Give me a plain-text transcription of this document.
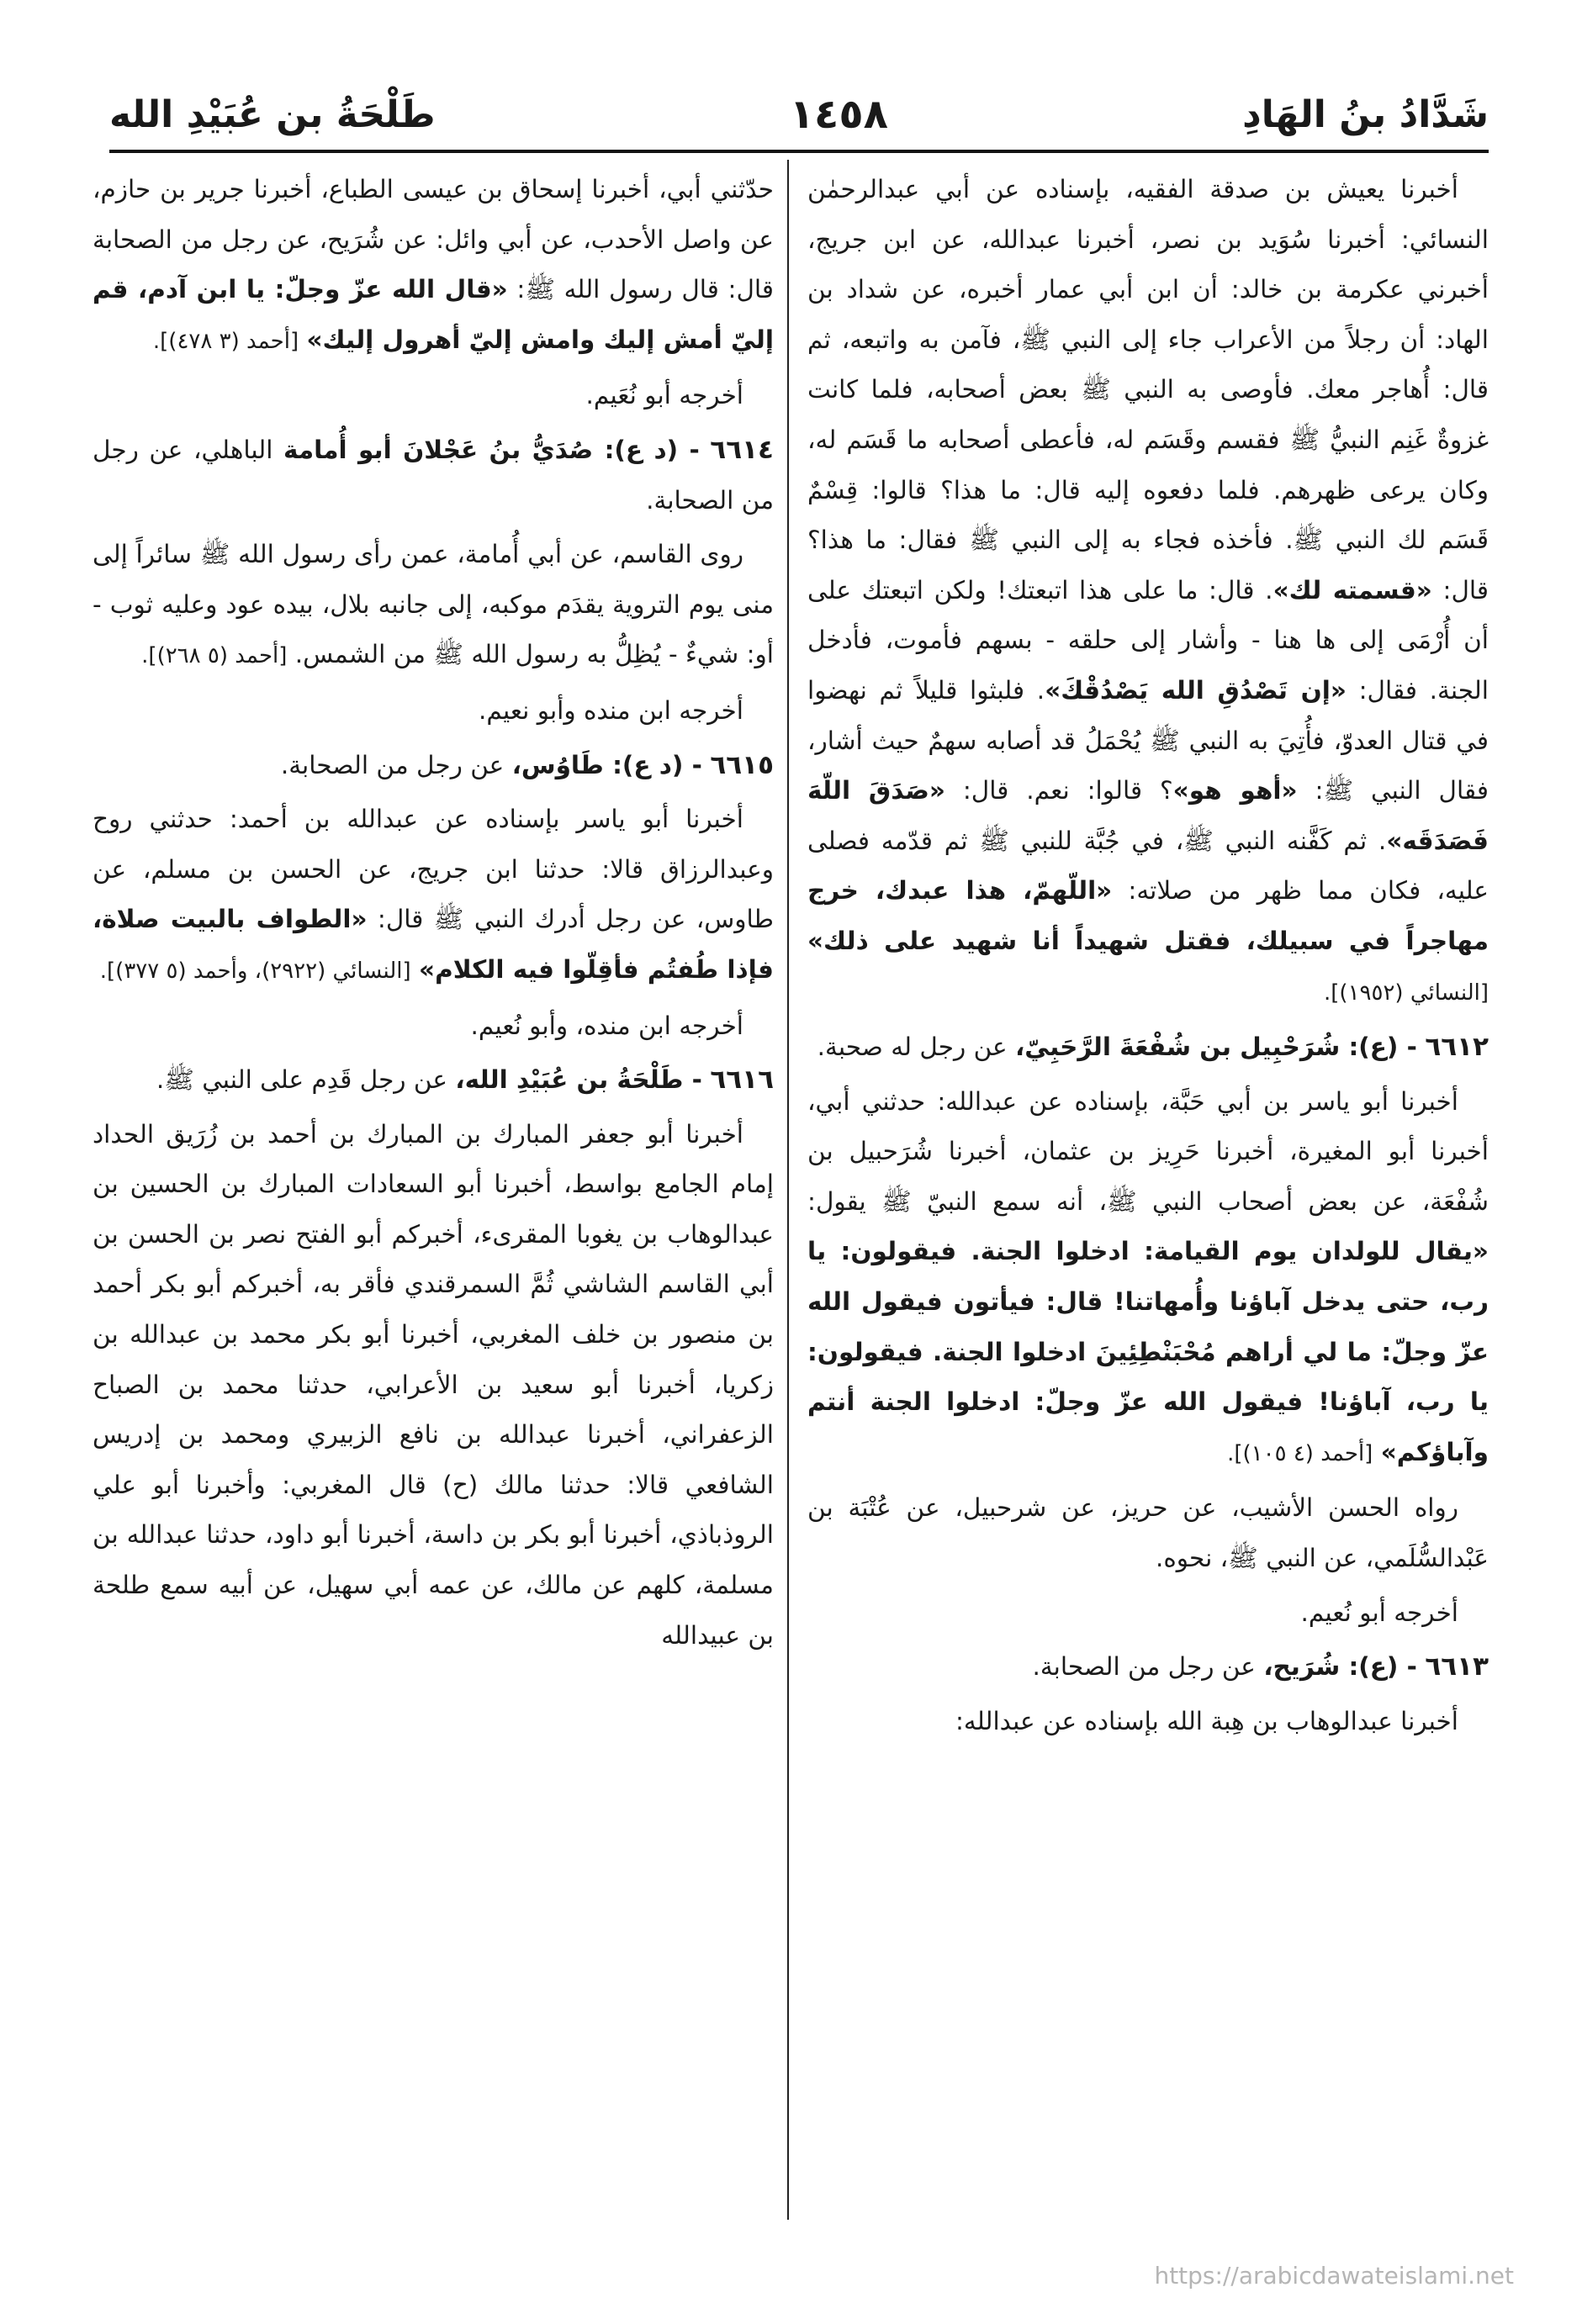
شَدَّادُ بنُ الهَادِ
١٤٥٨
طَلْحَةُ بن عُبَيْدِ الله

أخبرنا يعيش بن صدقة الفقيه، بإسناده عن أبي عبدالرحمٰن النسائي: أخبرنا سُوَيد بن نصر، أخبرنا عبدالله، عن ابن جريج، أخبرني عكرمة بن خالد: أن ابن أبي عمار أخبره، عن شداد بن الهاد: أن رجلاً من الأعراب جاء إلى النبي ﷺ، فآمن به واتبعه، ثم قال: أُهاجر معك. فأوصى به النبي ﷺ بعض أصحابه، فلما كانت غزوةٌ غَنِم النبيُّ ﷺ فقسم وقَسَم له، فأعطى أصحابه ما قَسَم له، وكان يرعى ظهرهم. فلما دفعوه إليه قال: ما هذا؟ قالوا: قِسْمٌ قَسَم لك النبي ﷺ. فأخذه فجاء به إلى النبي ﷺ فقال: ما هذا؟ قال: «قسمته لك». قال: ما على هذا اتبعتك! ولكن اتبعتك على أن أُرْمَى إلى ها هنا - وأشار إلى حلقه - بسهم فأموت، فأدخل الجنة. فقال: «إن تَصْدُقِ الله يَصْدُقْكَ». فلبثوا قليلاً ثم نهضوا في قتال العدوّ، فأُتِيَ به النبي ﷺ يُحْمَلُ قد أصابه سهمٌ حيث أشار، فقال النبي ﷺ: «أهو هو»؟ قالوا: نعم. قال: «صَدَقَ اللّهَ فَصَدَقَه». ثم كَفَّنه النبي ﷺ، في جُبَّة للنبي ﷺ ثم قدّمه فصلى عليه، فكان مما ظهر من صلاته: «اللّهمّ، هذا عبدك، خرج مهاجراً في سبيلك، فقتل شهيداً أنا شهيد على ذلك» [النسائي (١٩٥٢)].

٦٦١٢ - (ع): شُرَحْبِيل بن شُفْعَةَ الرَّحَبِيّ، عن رجل له صحبة.

أخبرنا أبو ياسر بن أبي حَبَّة، بإسناده عن عبدالله: حدثني أبي، أخبرنا أبو المغيرة، أخبرنا حَرِيز بن عثمان، أخبرنا شُرَحبيل بن شُفْعَة، عن بعض أصحاب النبي ﷺ، أنه سمع النبيّ ﷺ يقول: «يقال للولدان يوم القيامة: ادخلوا الجنة. فيقولون: يا رب، حتى يدخل آباؤنا وأُمهاتنا! قال: فيأتون فيقول الله عزّ وجلّ: ما لي أراهم مُحْبَنْطِئِينَ ادخلوا الجنة. فيقولون: يا رب، آباؤنا! فيقول الله عزّ وجلّ: ادخلوا الجنة أنتم وآباؤكم» [أحمد (٤ ١٠٥)].

رواه الحسن الأشيب، عن حريز، عن شرحبيل، عن عُتْبَة بن عَبْدالسُّلَمي، عن النبي ﷺ، نحوه.

أخرجه أبو نُعيم.

٦٦١٣ - (ع): شُرَيح، عن رجل من الصحابة.

أخبرنا عبدالوهاب بن هِبة الله بإسناده عن عبدالله:

حدّثني أبي، أخبرنا إسحاق بن عيسى الطباع، أخبرنا جرير بن حازم، عن واصل الأحدب، عن أبي وائل: عن شُرَيح، عن رجل من الصحابة قال: قال رسول الله ﷺ: «قال الله عزّ وجلّ: يا ابن آدم، قم إليّ أمش إليك وامش إليّ أهرول إليك» [أحمد (٣ ٤٧٨)].

أخرجه أبو نُعَيم.

٦٦١٤ - (د ع): صُدَيُّ بنُ عَجْلانَ أبو أُمامة الباهلي، عن رجل من الصحابة.

روى القاسم، عن أبي أُمامة، عمن رأى رسول الله ﷺ سائراً إلى منى يوم التروية يقدَم موكبه، إلى جانبه بلال، بيده عود وعليه ثوب - أو: شيءٌ - يُظِلُّ به رسول الله ﷺ من الشمس. [أحمد (٥ ٢٦٨)].

أخرجه ابن منده وأبو نعيم.

٦٦١٥ - (د ع): طَاوُس، عن رجل من الصحابة.

أخبرنا أبو ياسر بإسناده عن عبدالله بن أحمد: حدثني روح وعبدالرزاق قالا: حدثنا ابن جريج، عن الحسن بن مسلم، عن طاوس، عن رجل أدرك النبي ﷺ قال: «الطواف بالبيت صلاة، فإذا طُفتُم فأقِلّوا فيه الكلام» [النسائي (٢٩٢٢)، وأحمد (٥ ٣٧٧)].

أخرجه ابن منده، وأبو نُعيم.

٦٦١٦ - طَلْحَةُ بن عُبَيْدِ الله، عن رجل قَدِم على النبي ﷺ.

أخبرنا أبو جعفر المبارك بن المبارك بن أحمد بن زُرَيق الحداد إمام الجامع بواسط، أخبرنا أبو السعادات المبارك بن الحسين بن عبدالوهاب بن يغوبا المقرىء، أخبركم أبو الفتح نصر بن الحسن بن أبي القاسم الشاشي ثُمَّ السمرقندي فأقر به، أخبركم أبو بكر أحمد بن منصور بن خلف المغربي، أخبرنا أبو بكر محمد بن عبدالله بن زكريا، أخبرنا أبو سعيد بن الأعرابي، حدثنا محمد بن الصباح الزعفراني، أخبرنا عبدالله بن نافع الزبيري ومحمد بن إدريس الشافعي قالا: حدثنا مالك (ح) قال المغربي: وأخبرنا أبو علي الروذباذي، أخبرنا أبو بكر بن داسة، أخبرنا أبو داود، حدثنا عبدالله بن مسلمة، كلهم عن مالك، عن عمه أبي سهيل، عن أبيه سمع طلحة بن عبيدالله

https://arabicdawateislami.net
